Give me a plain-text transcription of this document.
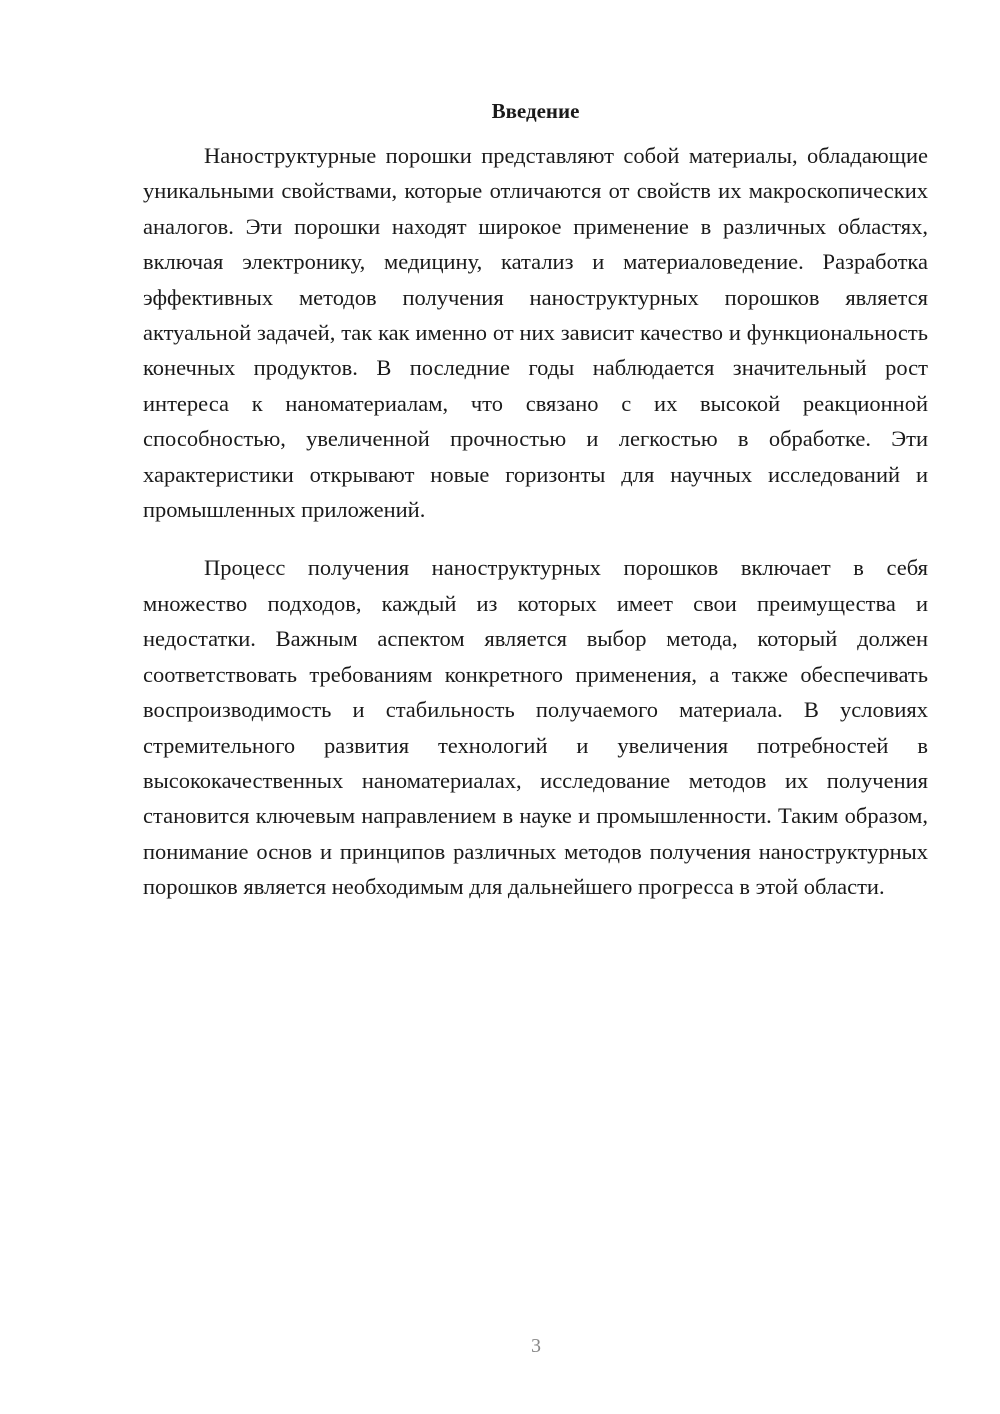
Введение

Наноструктурные порошки представляют собой материалы, обладающие уникальными свойствами, которые отличаются от свойств их макроскопических аналогов. Эти порошки находят широкое применение в различных областях, включая электронику, медицину, катализ и материаловедение. Разработка эффективных методов получения наноструктурных порошков является актуальной задачей, так как именно от них зависит качество и функциональность конечных продуктов. В последние годы наблюдается значительный рост интереса к наноматериалам, что связано с их высокой реакционной способностью, увеличенной прочностью и легкостью в обработке. Эти характеристики открывают новые горизонты для научных исследований и промышленных приложений.

Процесс получения наноструктурных порошков включает в себя множество подходов, каждый из которых имеет свои преимущества и недостатки. Важным аспектом является выбор метода, который должен соответствовать требованиям конкретного применения, а также обеспечивать воспроизводимость и стабильность получаемого материала. В условиях стремительного развития технологий и увеличения потребностей в высококачественных наноматериалах, исследование методов их получения становится ключевым направлением в науке и промышленности. Таким образом, понимание основ и принципов различных методов получения наноструктурных порошков является необходимым для дальнейшего прогресса в этой области.

3
